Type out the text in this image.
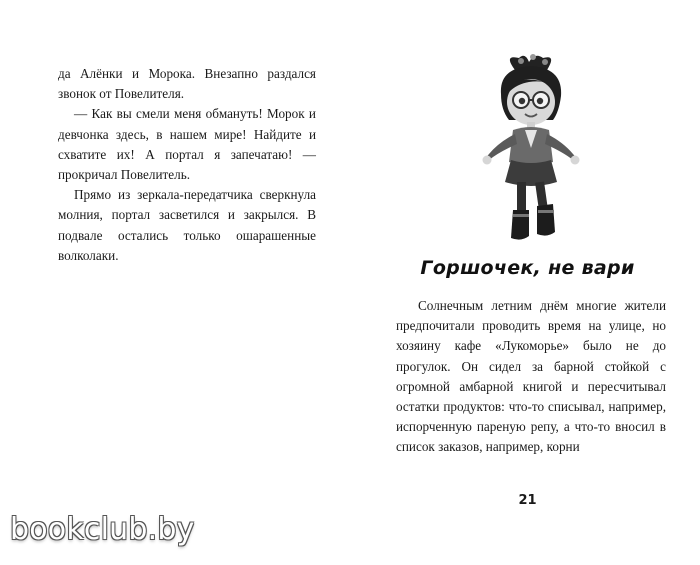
да Алёнки и Морока. Внезапно раздался звонок от Повелителя.

— Как вы смели меня обмануть! Морок и девчонка здесь, в нашем мире! Найдите и схватите их! А портал я запечатаю! — прокричал Повелитель.

Прямо из зеркала-передатчика сверкнула молния, портал засветился и закрылся. В подвале остались только ошарашенные волколаки.

Горшочек, не вари

Солнечным летним днём многие жители предпочитали проводить время на улице, но хозяину кафе «Лукоморье» было не до прогулок. Он сидел за барной стойкой с огромной амбарной книгой и пересчитывал остатки продуктов: что-то списывал, например, испорченную пареную репу, а что-то вносил в список заказов, например, корни

21
bookclub.by
